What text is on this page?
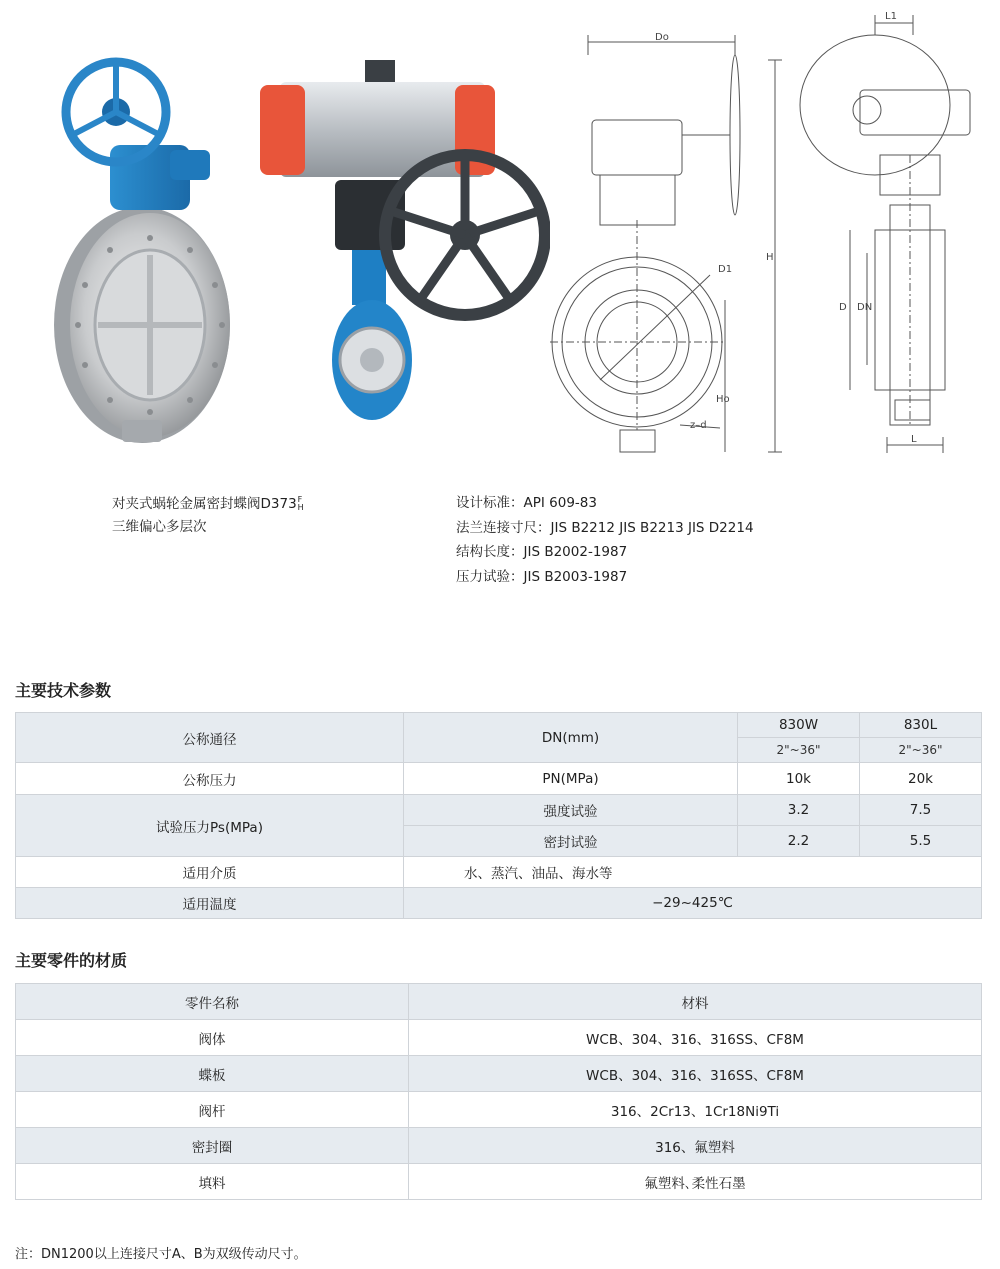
Do
H
D1
Ho
z–d
L1
D DN
L
对夹式蜗轮金属密封蝶阀D373 F
H
三维偏心多层次
设计标准：API 609-83
法兰连接寸尺：JIS B2212 JIS B2213 JIS D2214
结构长度：JIS B2002-1987
压力试验：JIS B2003-1987
主要技术参数
公称通径	DN(mm)	830W	830L
		2"~36"	2"~36"
公称压力	PN(MPa)	10k	20k
试验压力Ps(MPa)	强度试验	3.2	7.5
	密封试验	2.2	5.5
适用介质	水、蒸汽、油品、海水等		
适用温度	−29~425℃		
主要零件的材质
零件名称	材料
阀体	WCB、304、316、316SS、CF8M
蝶板	WCB、304、316、316SS、CF8M
阀杆	316、2Cr13、1Cr18Ni9Ti
密封圈	316、氟塑料
填料	氟塑料､柔性石墨
注：DN1200以上连接尺寸A、B为双级传动尺寸。
